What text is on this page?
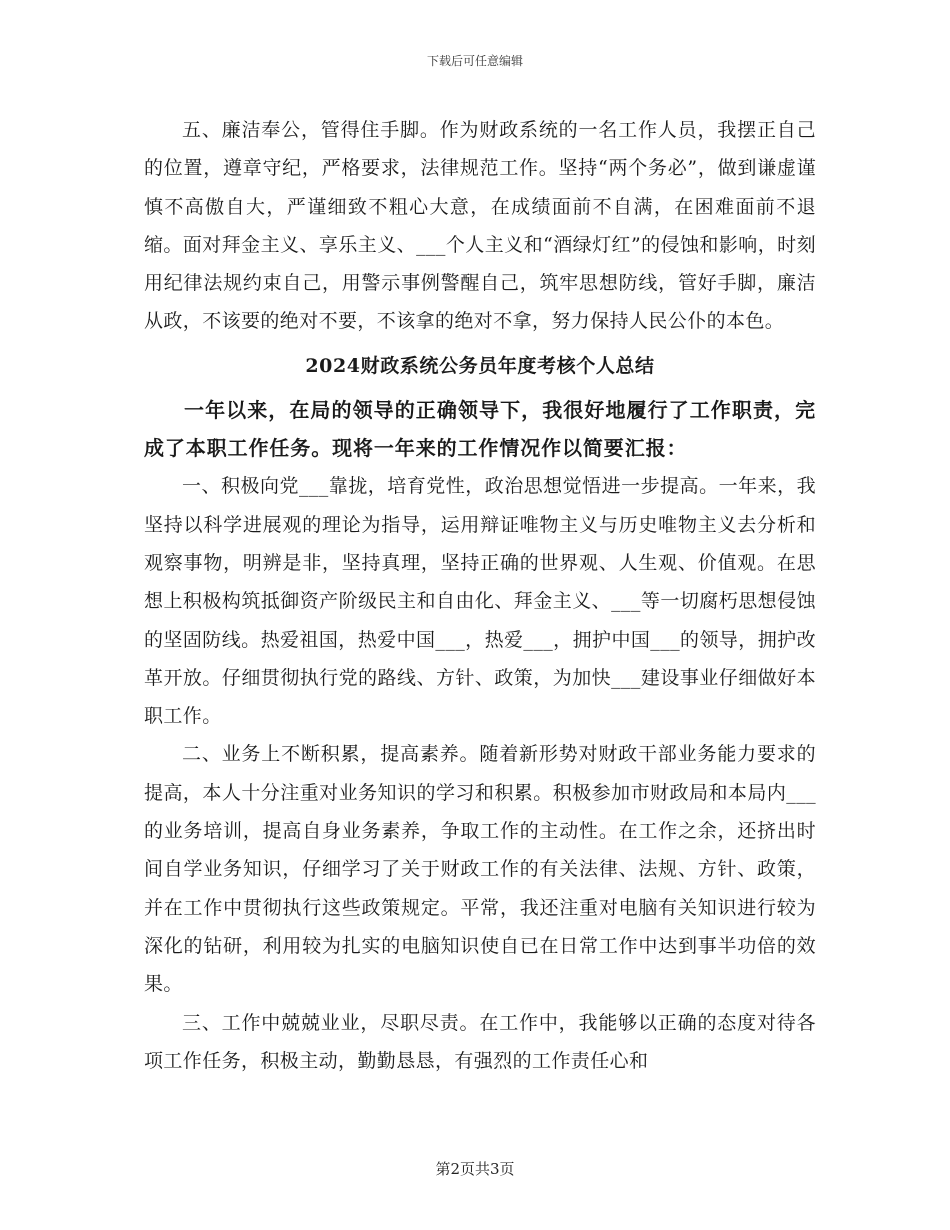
下载后可任意编辑

五、廉洁奉公，管得住手脚。作为财政系统的一名工作人员，我摆正自己的位置，遵章守纪，严格要求，法律规范工作。坚持“两个务必”，做到谦虚谨慎不高傲自大，严谨细致不粗心大意，在成绩面前不自满，在困难面前不退缩。面对拜金主义、享乐主义、___个人主义和“酒绿灯红”的侵蚀和影响，时刻用纪律法规约束自己，用警示事例警醒自己，筑牢思想防线，管好手脚，廉洁从政，不该要的绝对不要，不该拿的绝对不拿，努力保持人民公仆的本色。

2024财政系统公务员年度考核个人总结

一年以来，在局的领导的正确领导下，我很好地履行了工作职责，完成了本职工作任务。现将一年来的工作情况作以简要汇报：

一、积极向党___靠拢，培育党性，政治思想觉悟进一步提高。一年来，我坚持以科学进展观的理论为指导，运用辩证唯物主义与历史唯物主义去分析和观察事物，明辨是非，坚持真理，坚持正确的世界观、人生观、价值观。在思想上积极构筑抵御资产阶级民主和自由化、拜金主义、___等一切腐朽思想侵蚀的坚固防线。热爱祖国，热爱中国___，热爱___，拥护中国___的领导，拥护改革开放。仔细贯彻执行党的路线、方针、政策，为加快___建设事业仔细做好本职工作。

二、业务上不断积累，提高素养。随着新形势对财政干部业务能力要求的提高，本人十分注重对业务知识的学习和积累。积极参加市财政局和本局内___的业务培训，提高自身业务素养，争取工作的主动性。在工作之余，还挤出时间自学业务知识，仔细学习了关于财政工作的有关法律、法规、方针、政策，并在工作中贯彻执行这些政策规定。平常，我还注重对电脑有关知识进行较为深化的钻研，利用较为扎实的电脑知识使自已在日常工作中达到事半功倍的效果。

三、工作中兢兢业业，尽职尽责。在工作中，我能够以正确的态度对待各项工作任务，积极主动，勤勤恳恳，有强烈的工作责任心和

第2页共3页
